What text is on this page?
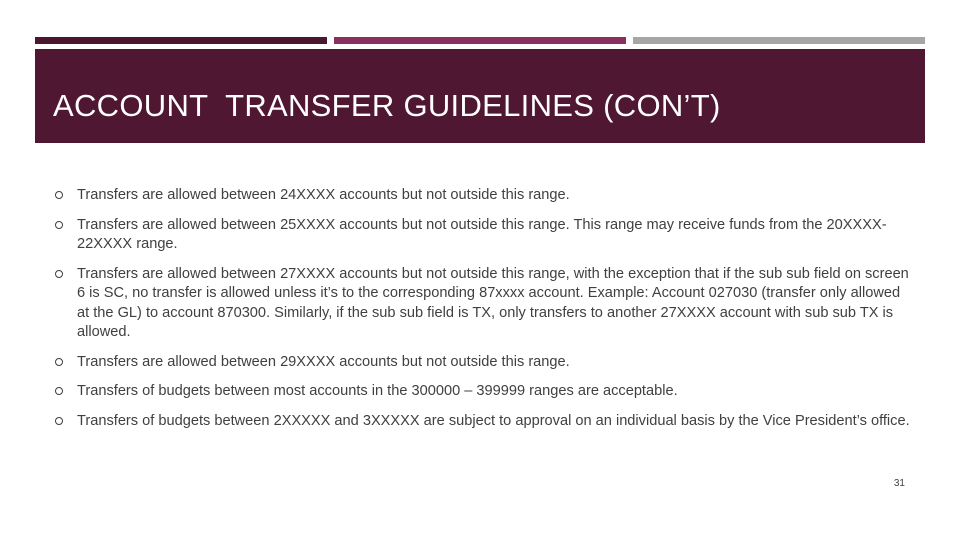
ACCOUNT  TRANSFER GUIDELINES (CON’T)
Transfers are allowed between 24XXXX accounts but not outside this range.
Transfers are allowed between 25XXXX accounts but not outside this range. This range may receive funds from the 20XXXX-22XXXX range.
Transfers are allowed between 27XXXX accounts but not outside this range, with the exception that if the sub sub field on screen 6 is SC, no transfer is allowed unless it’s to the corresponding 87xxxx account. Example: Account 027030 (transfer only allowed at the GL) to account 870300. Similarly, if the sub sub field is TX, only transfers to another 27XXXX account with sub sub TX is allowed.
Transfers are allowed between 29XXXX accounts but not outside this range.
Transfers of budgets between most accounts in the 300000 – 399999 ranges are acceptable.
Transfers of budgets between 2XXXXX and 3XXXXX are subject to approval on an individual basis by the Vice President’s office.
31
